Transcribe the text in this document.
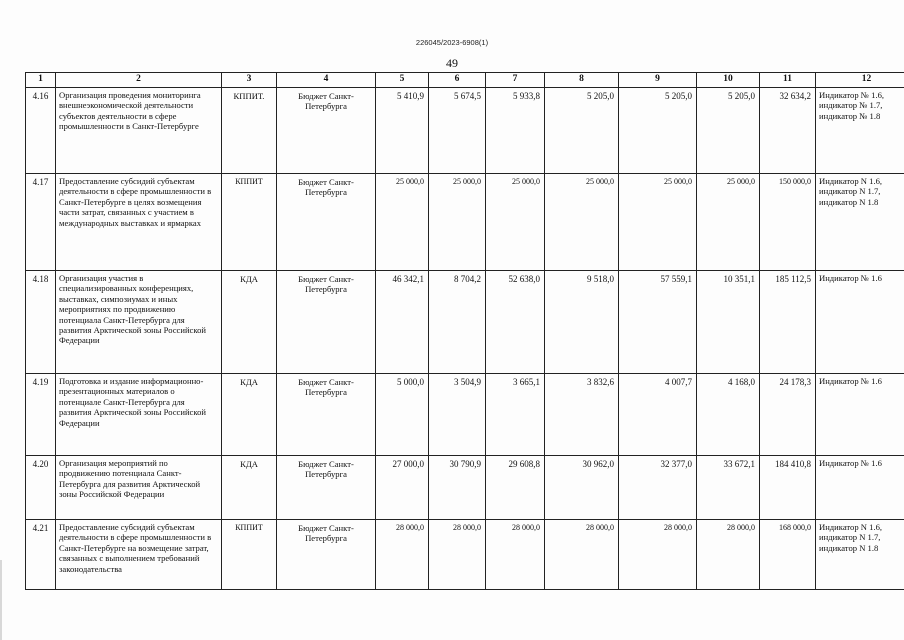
226045/2023-6908(1)
49
1	2	3	4	5	6	7	8	9	10	11	12
4.16	Организация проведения мониторинга внешнеэкономической деятельности субъектов деятельности в сфере промышленности в Санкт-Петербурге	КППИТ.	Бюджет Санкт-Петербурга	5 410,9	5 674,5	5 933,8	5 205,0	5 205,0	5 205,0	32 634,2	Индикатор № 1.6, индикатор № 1.7, индикатор № 1.8
4.17	Предоставление субсидий субъектам деятельности в сфере промышленности в Санкт-Петербурге в целях возмещения части затрат, связанных с участием в международных выставках и ярмарках	КППИТ	Бюджет Санкт-Петербурга	25 000,0	25 000,0	25 000,0	25 000,0	25 000,0	25 000,0	150 000,0	Индикатор N 1.6, индикатор N 1.7, индикатор N 1.8
4.18	Организация участия в специализированных конференциях, выставках, симпозиумах и иных мероприятиях по продвижению потенциала Санкт-Петербурга для развития Арктической зоны Российской Федерации	КДА	Бюджет Санкт-Петербурга	46 342,1	8 704,2	52 638,0	9 518,0	57 559,1	10 351,1	185 112,5	Индикатор № 1.6
4.19	Подготовка и издание информационно-презентационных материалов о потенциале Санкт-Петербурга для развития Арктической зоны Российской Федерации	КДА	Бюджет Санкт-Петербурга	5 000,0	3 504,9	3 665,1	3 832,6	4 007,7	4 168,0	24 178,3	Индикатор № 1.6
4.20	Организация мероприятий по продвижению потенциала Санкт-Петербурга для развития Арктической зоны Российской Федерации	КДА	Бюджет Санкт-Петербурга	27 000,0	30 790,9	29 608,8	30 962,0	32 377,0	33 672,1	184 410,8	Индикатор № 1.6
4.21	Предоставление субсидий субъектам деятельности в сфере промышленности в Санкт-Петербурге на возмещение затрат, связанных с выполнением требований законодательства	КППИТ	Бюджет Санкт-Петербурга	28 000,0	28 000,0	28 000,0	28 000,0	28 000,0	28 000,0	168 000,0	Индикатор N 1.6, индикатор N 1.7, индикатор N 1.8
